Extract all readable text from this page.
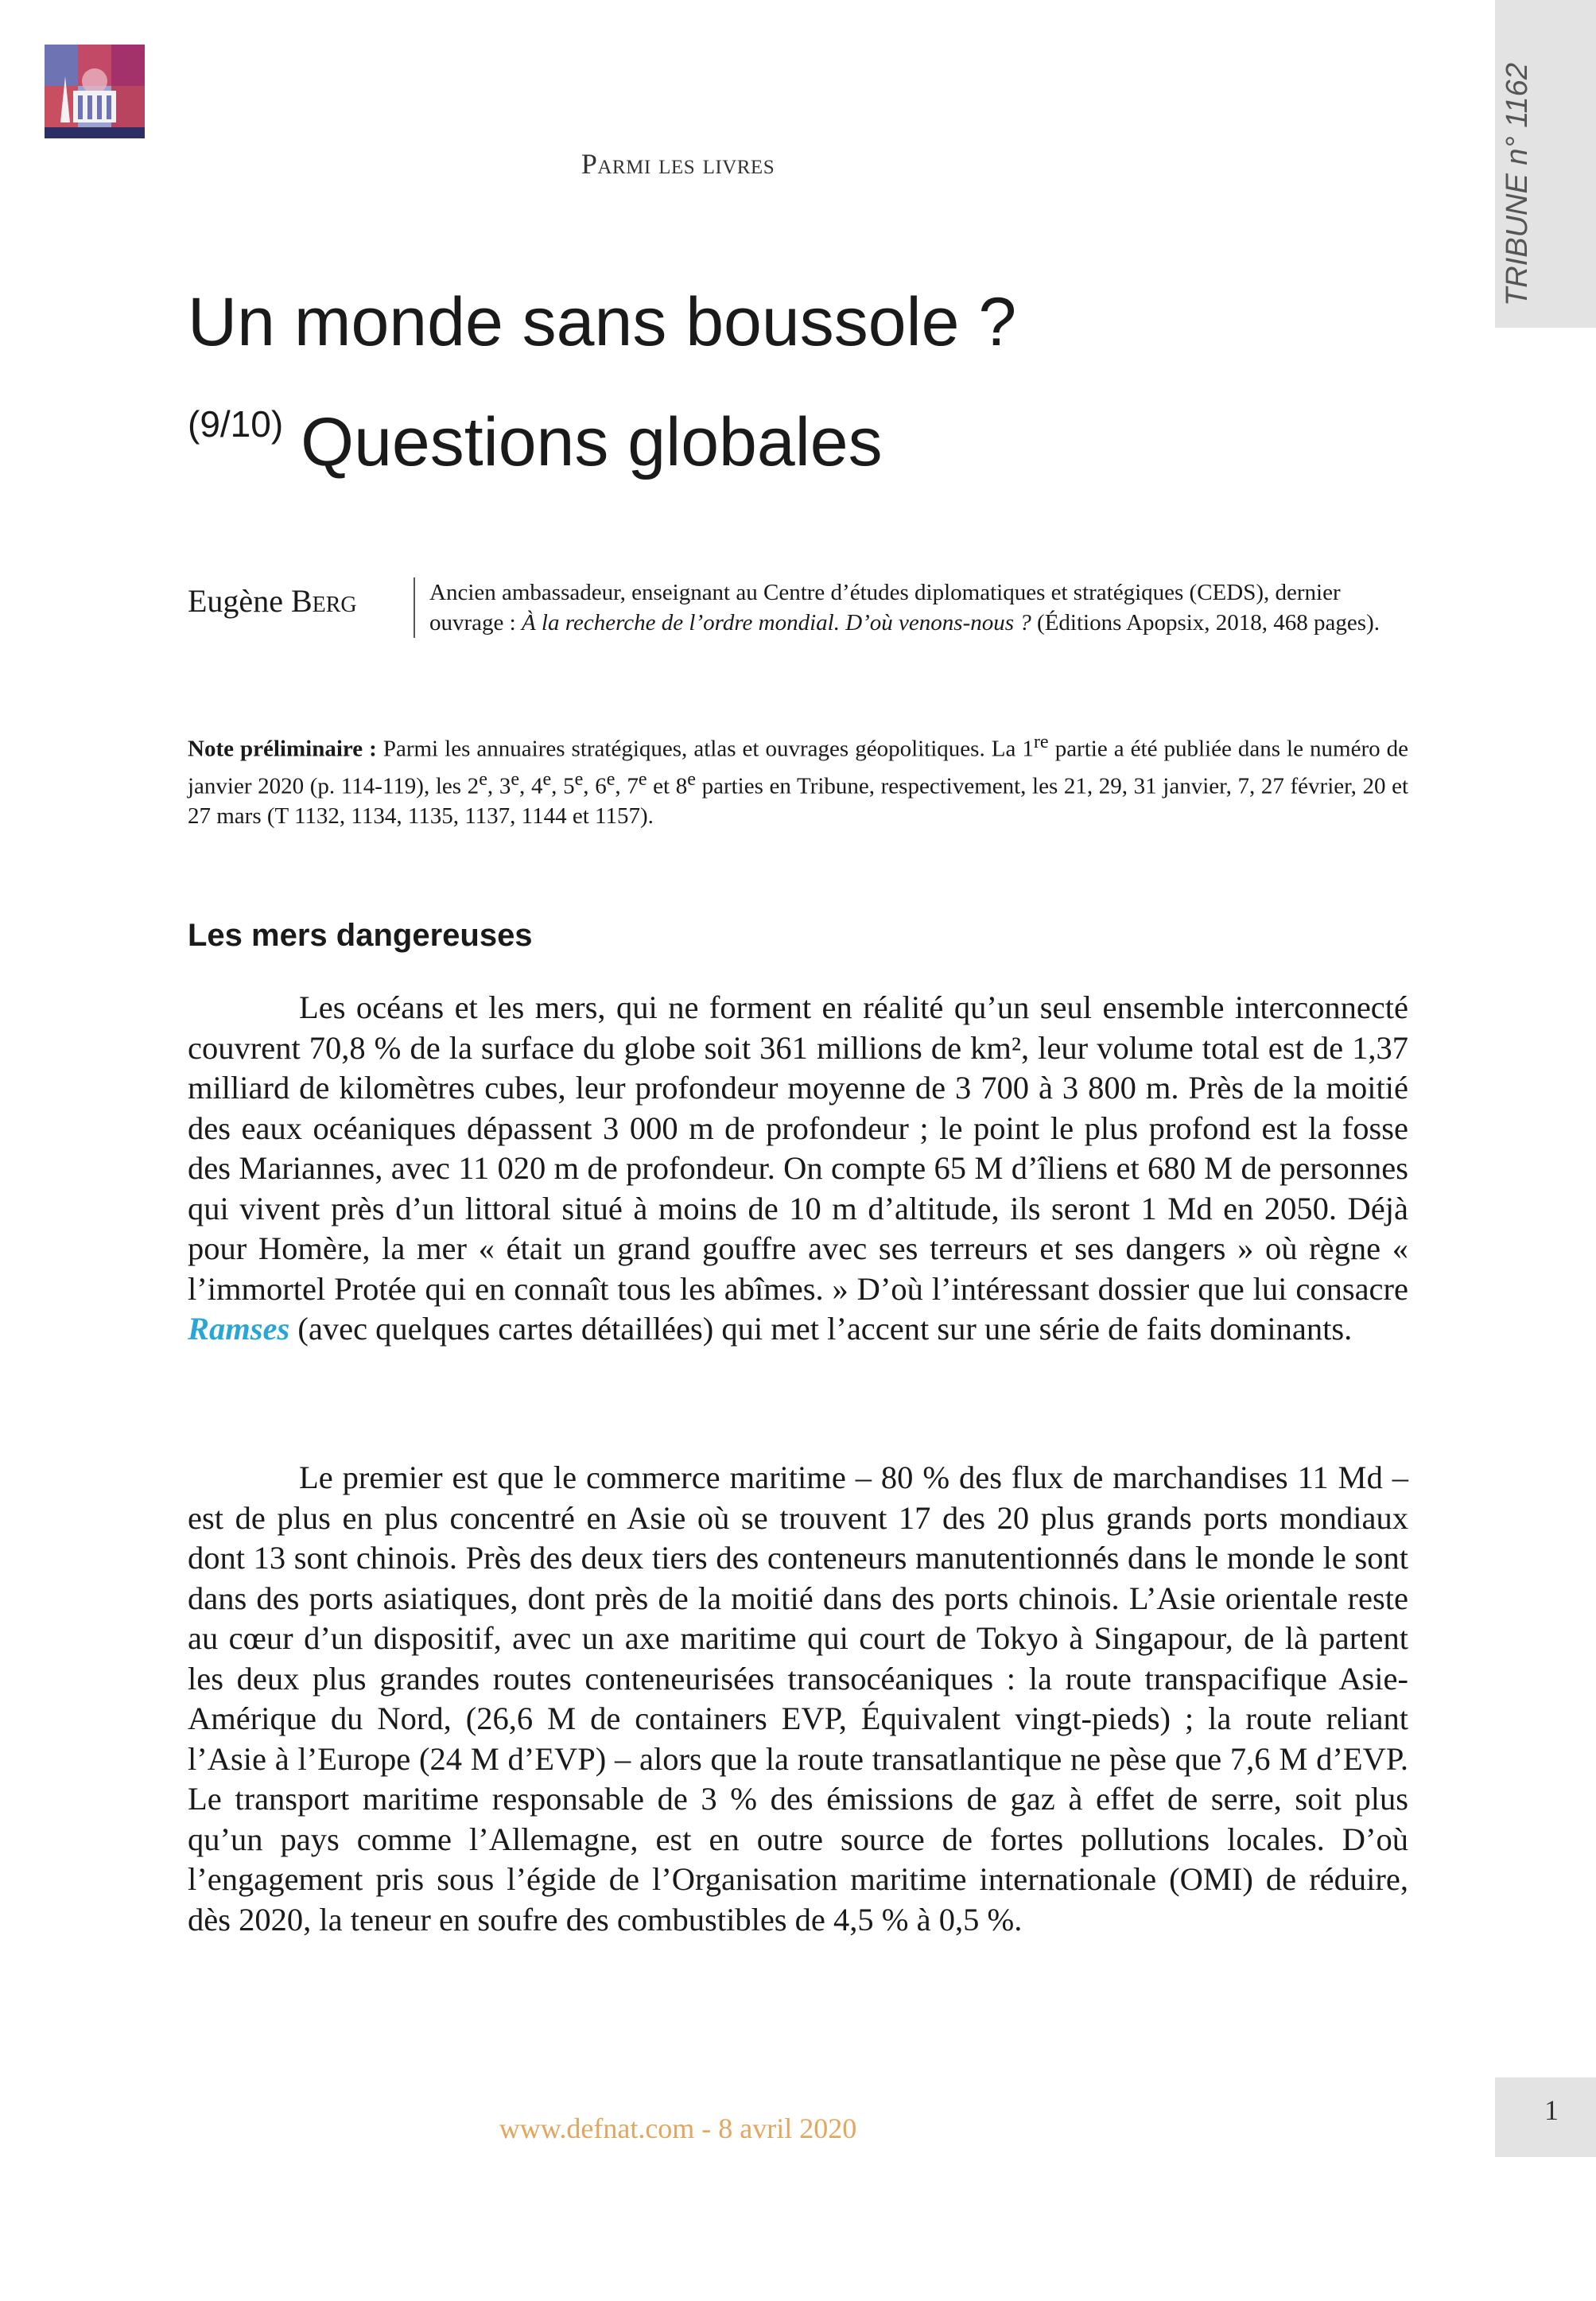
TRIBUNE n° 1162
Parmi les livres
Un monde sans boussole ?
$^{(9/10)}$ Questions globales
Eugène Berg	Ancien ambassadeur, enseignant au Centre d’études diplomatiques et stratégiques (CEDS), dernier ouvrage : À la recherche de l’ordre mondial. D’où venons-nous ? (Éditions Apopsix, 2018, 468 pages).
Note préliminaire : Parmi les annuaires stratégiques, atlas et ouvrages géopolitiques. La 1re partie a été publiée dans le numéro de janvier 2020 (p. 114-119), les 2e, 3e, 4e, 5e, 6e, 7e et 8e parties en Tribune, respectivement, les 21, 29, 31 janvier, 7, 27 février, 20 et 27 mars (T 1132, 1134, 1135, 1137, 1144 et 1157).
Les mers dangereuses
Les océans et les mers, qui ne forment en réalité qu’un seul ensemble interconnecté couvrent 70,8 % de la surface du globe soit 361 millions de km², leur volume total est de 1,37 milliard de kilomètres cubes, leur profondeur moyenne de 3 700 à 3 800 m. Près de la moitié des eaux océaniques dépassent 3 000 m de profondeur ; le point le plus profond est la fosse des Mariannes, avec 11 020 m de profondeur. On compte 65 M d’îliens et 680 M de personnes qui vivent près d’un littoral situé à moins de 10 m d’altitude, ils seront 1 Md en 2050. Déjà pour Homère, la mer « était un grand gouffre avec ses terreurs et ses dangers » où règne « l’immortel Protée qui en connaît tous les abîmes. » D’où l’intéressant dossier que lui consacre Ramses (avec quelques cartes détaillées) qui met l’accent sur une série de faits dominants.
Le premier est que le commerce maritime – 80 % des flux de marchandises 11 Md – est de plus en plus concentré en Asie où se trouvent 17 des 20 plus grands ports mondiaux dont 13 sont chinois. Près des deux tiers des conteneurs manutentionnés dans le monde le sont dans des ports asiatiques, dont près de la moitié dans des ports chinois. L’Asie orientale reste au cœur d’un dispositif, avec un axe maritime qui court de Tokyo à Singapour, de là partent les deux plus grandes routes conteneurisées transocéaniques : la route transpacifique Asie-Amérique du Nord, (26,6 M de containers EVP, Équivalent vingt-pieds) ; la route reliant l’Asie à l’Europe (24 M d’EVP) – alors que la route transatlantique ne pèse que 7,6 M d’EVP. Le transport maritime responsable de 3 % des émissions de gaz à effet de serre, soit plus qu’un pays comme l’Allemagne, est en outre source de fortes pollutions locales. D’où l’engagement pris sous l’égide de l’Organisation maritime internationale (OMI) de réduire, dès 2020, la teneur en soufre des combustibles de 4,5 % à 0,5 %.
www.defnat.com - 8 avril 2020
1
